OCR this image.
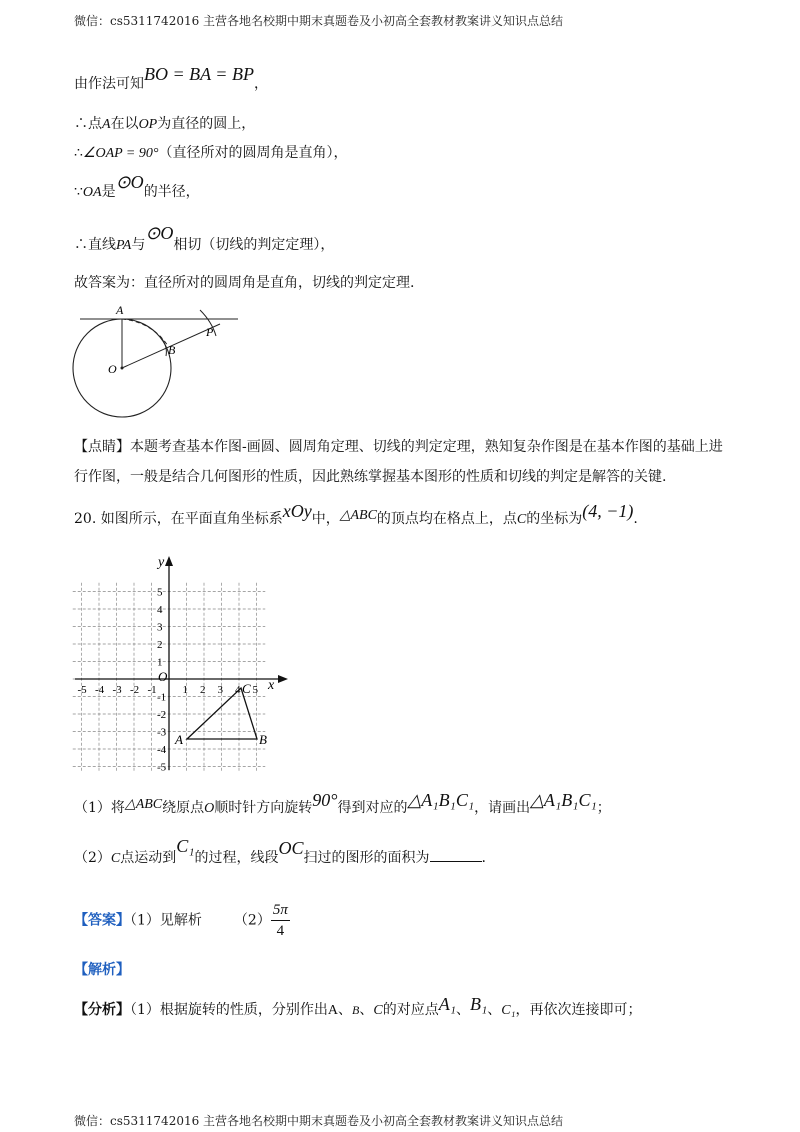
微信：cs5311742016 主营各地名校期中期末真题卷及小初高全套教材教案讲义知识点总结
微信：cs5311742016 主营各地名校期中期末真题卷及小初高全套教材教案讲义知识点总结
由作法可知BO = BA = BP，
∴点A在以OP为直径的圆上，
∴∠OAP = 90°（直径所对的圆周角是直角），
∵OA是⊙O的半径，
∴直线PA与⊙O相切（切线的判定定理），
故答案为：直径所对的圆周角是直角，切线的判定定理.
A
B
O
P
【点睛】本题考查基本作图-画圆、圆周角定理、切线的判定定理，熟知复杂作图是在基本作图的基础上进
行作图，一般是结合几何图形的性质，因此熟练掌握基本图形的性质和切线的判定是解答的关键.
20. 如图所示，在平面直角坐标系xOy中，△ABC的顶点均在格点上，点C的坐标为(4, −1).
y
x
O
A	B
C
-5 -4 -3 -2 -1 1 2 3 4 5
5
4
3
2
1
-1
-2
-3
-4
-5
（1）将△ABC绕原点O顺时针方向旋转90°得到对应的△A₁B₁C₁，请画出△A₁B₁C₁；
（2）C点运动到C₁的过程，线段OC扫过的图形的面积为	.
【答案】（1）见解析 $(2) \frac{5\pi}{4}$
【解析】
【分析】（1）根据旋转的性质，分别作出A、B、C的对应点A₁、B₁、C₁，再依次连接即可；
